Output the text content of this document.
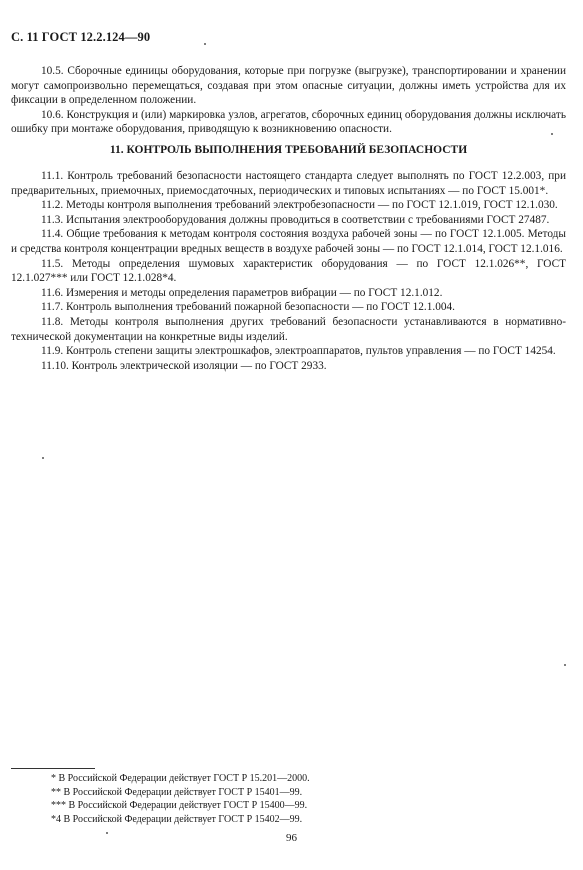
С. 11 ГОСТ 12.2.124—90

10.5. Сборочные единицы оборудования, которые при погрузке (выгрузке), транспортировании и хранении могут самопроизвольно перемещаться, создавая при этом опасные ситуации, должны иметь устройства для их фиксации в определенном положении.

10.6. Конструкция и (или) маркировка узлов, агрегатов, сборочных единиц оборудования должны исключать ошибку при монтаже оборудования, приводящую к возникновению опасности.

11. КОНТРОЛЬ ВЫПОЛНЕНИЯ ТРЕБОВАНИЙ БЕЗОПАСНОСТИ

11.1. Контроль требований безопасности настоящего стандарта следует выполнять по ГОСТ 12.2.003, при предварительных, приемочных, приемосдаточных, периодических и типовых испытаниях — по ГОСТ 15.001*.

11.2. Методы контроля выполнения требований электробезопасности — по ГОСТ 12.1.019, ГОСТ 12.1.030.

11.3. Испытания электрооборудования должны проводиться в соответствии с требованиями ГОСТ 27487.

11.4. Общие требования к методам контроля состояния воздуха рабочей зоны — по ГОСТ 12.1.005. Методы и средства контроля концентрации вредных веществ в воздухе рабочей зоны — по ГОСТ 12.1.014, ГОСТ 12.1.016.

11.5. Методы определения шумовых характеристик оборудования — по ГОСТ 12.1.026**, ГОСТ 12.1.027*** или ГОСТ 12.1.028*4.

11.6. Измерения и методы определения параметров вибрации — по ГОСТ 12.1.012.

11.7. Контроль выполнения требований пожарной безопасности — по ГОСТ 12.1.004.

11.8. Методы контроля выполнения других требований безопасности устанавливаются в нормативно-технической документации на конкретные виды изделий.

11.9. Контроль степени защиты электрошкафов, электроаппаратов, пультов управления — по ГОСТ 14254.

11.10. Контроль электрической изоляции — по ГОСТ 2933.

* В Российской Федерации действует ГОСТ Р 15.201—2000.

** В Российской Федерации действует ГОСТ Р 15401—99.

*** В Российской Федерации действует ГОСТ Р 15400—99.

*4 В Российской Федерации действует ГОСТ Р 15402—99.

96
